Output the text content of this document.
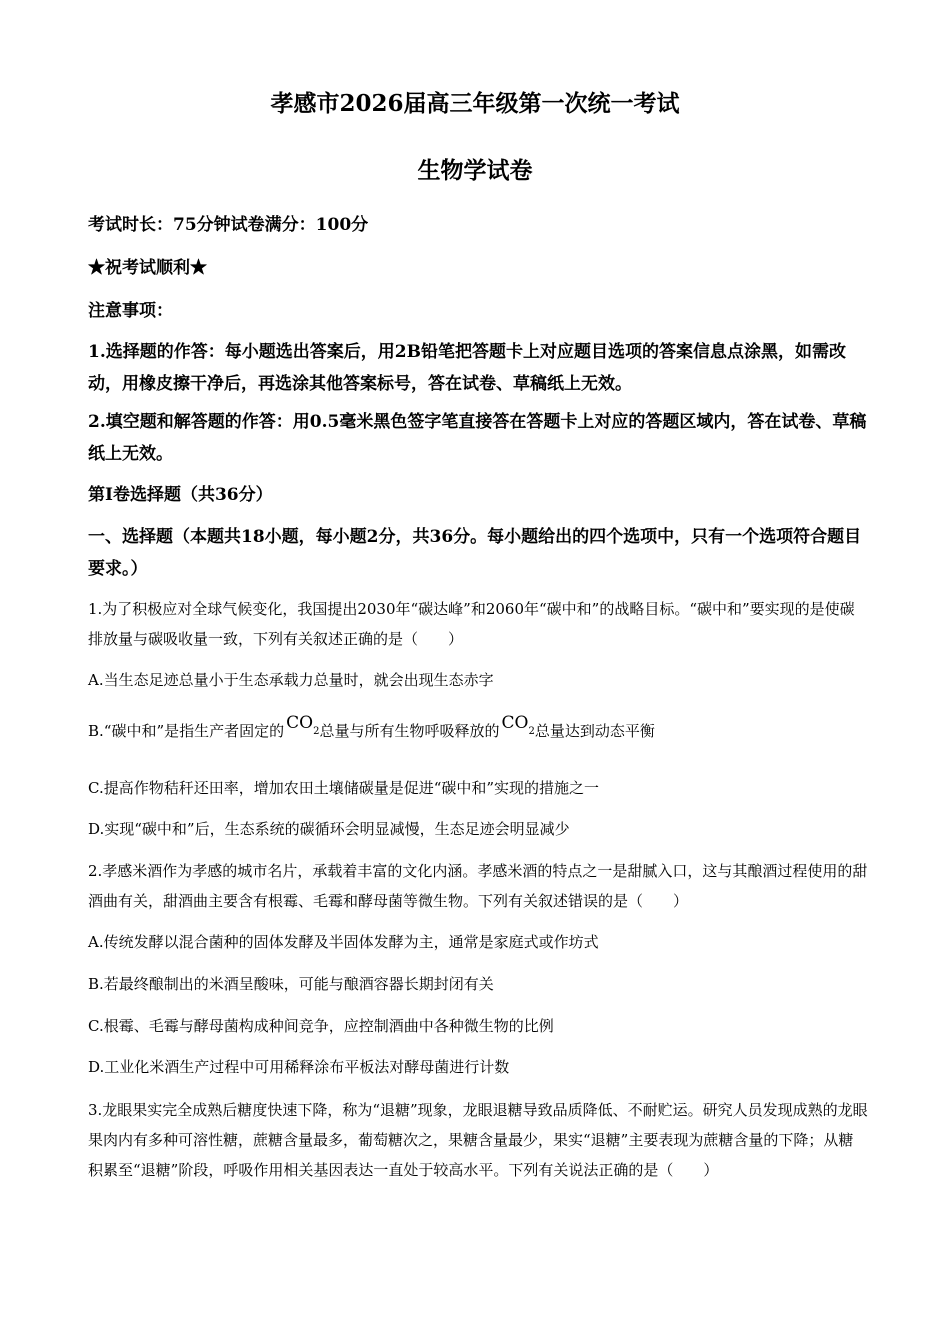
孝感市2026届高三年级第一次统一考试
生物学试卷

考试时长：75分钟试卷满分：100分

★祝考试顺利★

注意事项：

1.选择题的作答：每小题选出答案后，用2B铅笔把答题卡上对应题目选项的答案信息点涂黑，如需改动，用橡皮擦干净后，再选涂其他答案标号，答在试卷、草稿纸上无效。

2.填空题和解答题的作答：用0.5毫米黑色签字笔直接答在答题卡上对应的答题区域内，答在试卷、草稿纸上无效。

第Ⅰ卷选择题（共36分）

一、选择题（本题共18小题，每小题2分，共36分。每小题给出的四个选项中，只有一个选项符合题目要求。）

1.为了积极应对全球气候变化，我国提出2030年“碳达峰”和2060年“碳中和”的战略目标。“碳中和”要实现的是使碳排放量与碳吸收量一致，下列有关叙述正确的是（　　）

A.当生态足迹总量小于生态承载力总量时，就会出现生态赤字

B.“碳中和”是指生产者固定的 $CO_2$总量与所有生物呼吸释放的 $CO_2$总量达到动态平衡

C.提高作物秸秆还田率，增加农田土壤储碳量是促进“碳中和”实现的措施之一

D.实现“碳中和”后，生态系统的碳循环会明显减慢，生态足迹会明显减少

2.孝感米酒作为孝感的城市名片，承载着丰富的文化内涵。孝感米酒的特点之一是甜腻入口，这与其酿酒过程使用的甜酒曲有关，甜酒曲主要含有根霉、毛霉和酵母菌等微生物。下列有关叙述错误的是（　　）

A.传统发酵以混合菌种的固体发酵及半固体发酵为主，通常是家庭式或作坊式

B.若最终酿制出的米酒呈酸味，可能与酿酒容器长期封闭有关

C.根霉、毛霉与酵母菌构成种间竞争，应控制酒曲中各种微生物的比例

D.工业化米酒生产过程中可用稀释涂布平板法对酵母菌进行计数

3.龙眼果实完全成熟后糖度快速下降，称为“退糖”现象，龙眼退糖导致品质降低、不耐贮运。研究人员发现成熟的龙眼果肉内有多种可溶性糖，蔗糖含量最多，葡萄糖次之，果糖含量最少，果实“退糖”主要表现为蔗糖含量的下降；从糖积累至“退糖”阶段，呼吸作用相关基因表达一直处于较高水平。下列有关说法正确的是（　　）
